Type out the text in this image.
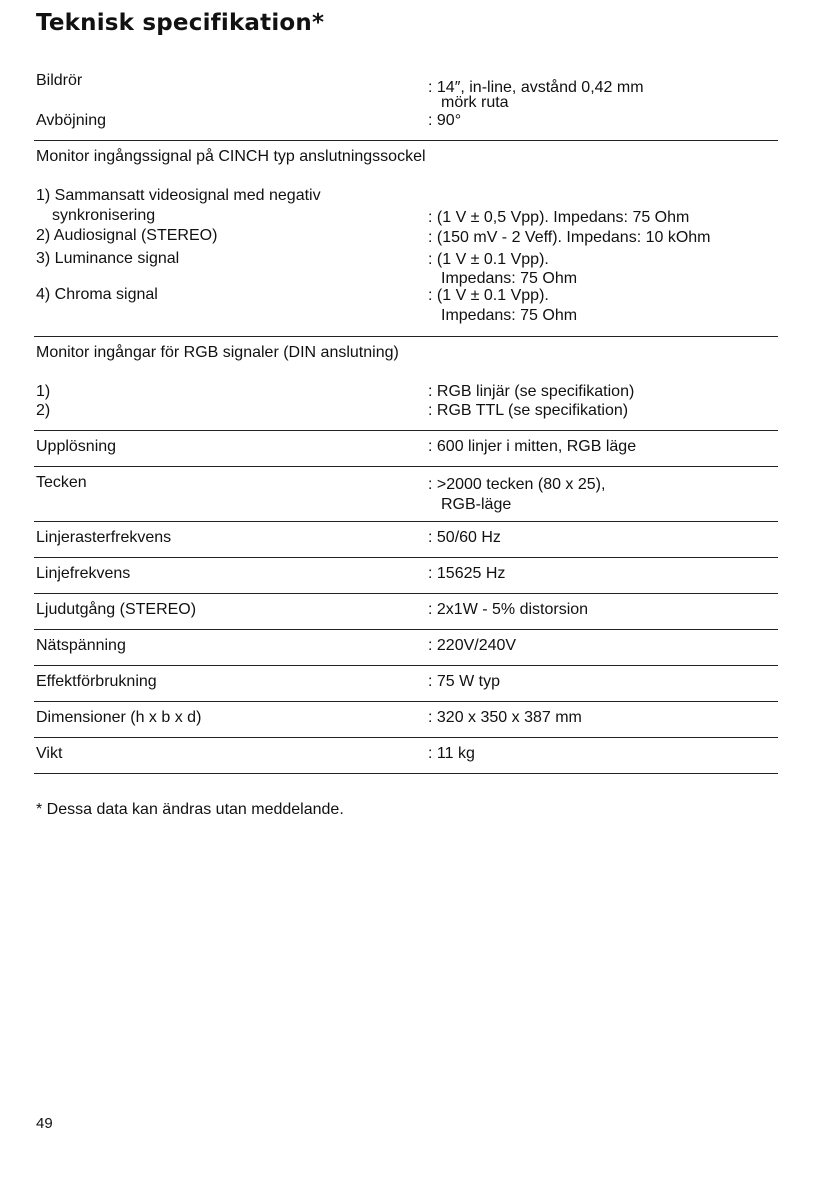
Teknisk specifikation*
Bildrör	: 14″, in-line, avstånd 0,42 mm
mörk ruta
Avböjning	: 90°
Monitor ingångssignal på CINCH typ anslutningssockel
1) Sammansatt videosignal med negativ
synkronisering	: (1 V ± 0,5 Vpp). Impedans: 75 Ohm
2) Audiosignal (STEREO)	: (150 mV - 2 Veff). Impedans: 10 kOhm
3) Luminance signal	: (1 V ± 0.1 Vpp).
Impedans: 75 Ohm
4) Chroma signal	: (1 V ± 0.1 Vpp).
Impedans: 75 Ohm
Monitor ingångar för RGB signaler (DIN anslutning)
1)	: RGB linjär (se specifikation)
2)	: RGB TTL (se specifikation)
Upplösning	: 600 linjer i mitten, RGB läge
Tecken	: >2000 tecken (80 x 25),
RGB-läge
Linjerasterfrekvens	: 50/60 Hz
Linjefrekvens	: 15625 Hz
Ljudutgång (STEREO)	: 2x1W - 5% distorsion
Nätspänning	: 220V/240V
Effektförbrukning	: 75 W typ
Dimensioner (h x b x d)	: 320 x 350 x 387 mm
Vikt	: 11 kg
* Dessa data kan ändras utan meddelande.
49
